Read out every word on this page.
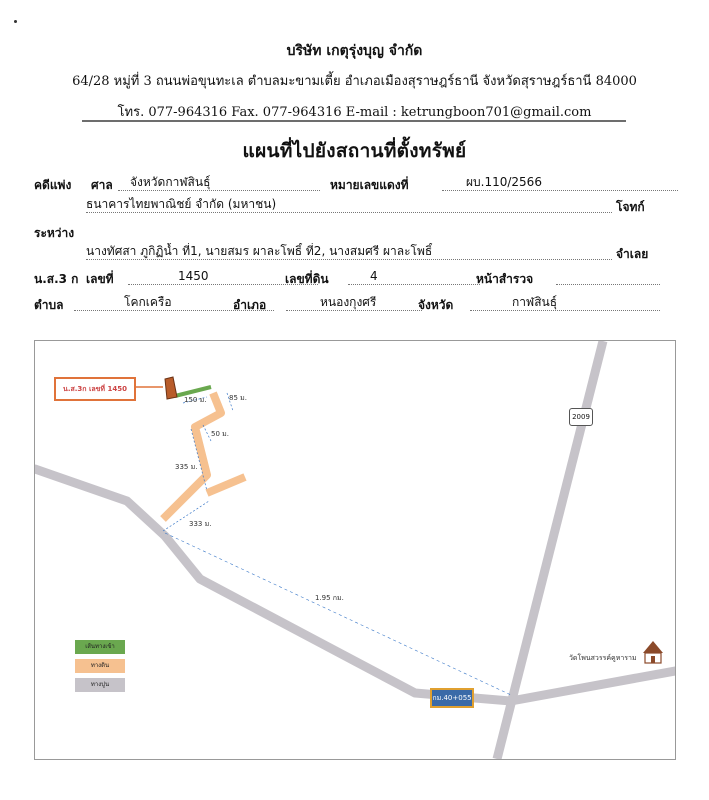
บริษัท เกตุรุ่งบุญ จำกัด
64/28 หมู่ที่ 3 ถนนพ่อขุนทะเล ตำบลมะขามเตี้ย อำเภอเมืองสุราษฎร์ธานี จังหวัดสุราษฎร์ธานี 84000
โทร. 077-964316 Fax. 077-964316 E-mail : ketrungboon701@gmail.com
แผนที่ไปยังสถานที่ตั้งทรัพย์
คดีแพ่ง ศาล	จังหวัดกาฬสินธุ์	หมายเลขแดงที่	ผบ.110/2566
ธนาคารไทยพาณิชย์ จำกัด (มหาชน)	โจทก์
ระหว่าง
นางทัศสา ภูกิฏิน้ำ ที่1, นายสมร ผาละโพธิ์ ที่2, นางสมศรี ผาละโพธิ์	จำเลย
น.ส.3 ก เลขที่	1450	เลขที่ดิน	4	หน้าสำรวจ
ตำบล	โคกเครือ	อำเภอ	หนองกุงศรี	จังหวัด	กาฬสินธุ์
150 ม.	85 ม.
50 ม.
335 ม.
333 ม.
1.95 กม.
วัดโพนสวรรค์คูหาราม
เส้นทางเข้า
ทางดิน
ทางปูน
น.ส.3ก เลขที่ 1450
2009
กม.40+055
